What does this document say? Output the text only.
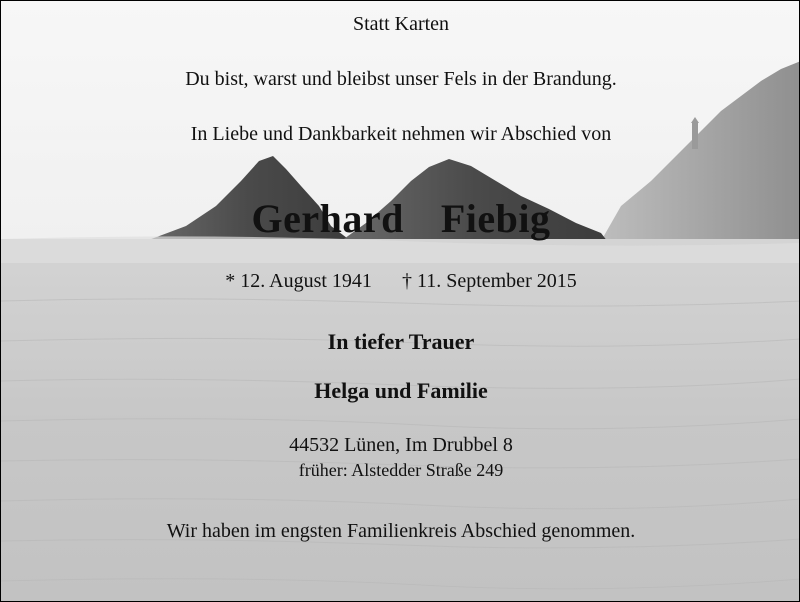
Statt Karten
Du bist, warst und bleibst unser Fels in der Brandung.
In Liebe und Dankbarkeit nehmen wir Abschied von
Gerhard  Fiebig
* 12. August 1941 † 11. September 2015
In tiefer Trauer
Helga und Familie
44532 Lünen, Im Drubbel 8
früher: Alstedder Straße 249
Wir haben im engsten Familienkreis Abschied genommen.
